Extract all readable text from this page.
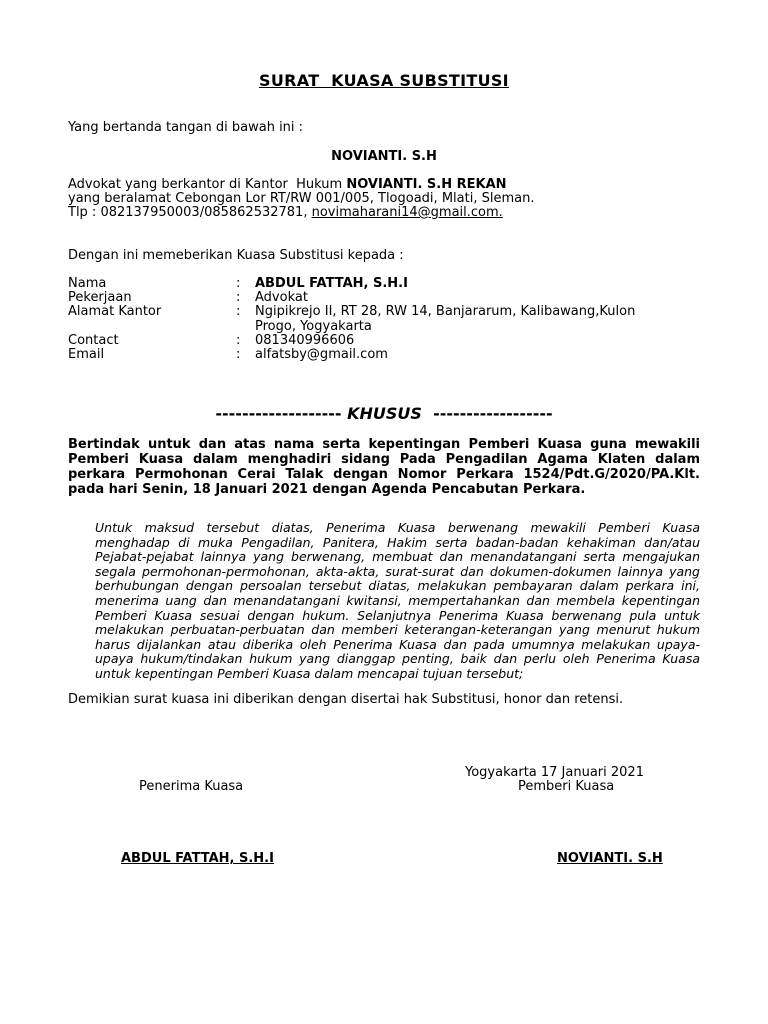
SURAT  KUASA SUBSTITUSI
Yang bertanda tangan di bawah ini :
NOVIANTI. S.H
Advokat yang berkantor di Kantor  Hukum NOVIANTI. S.H REKAN
yang beralamat Cebongan Lor RT/RW 001/005, Tlogoadi, Mlati, Sleman.
Tlp : 082137950003/085862532781, novimaharani14@gmail.com.
Dengan ini memeberikan Kuasa Substitusi kepada :
Nama	: ABDUL FATTAH, S.H.I
Pekerjaan	: Advokat
Alamat Kantor	: Ngipikrejo II, RT 28, RW 14, Banjararum, Kalibawang,Kulon
Progo, Yogyakarta
Contact	: 081340996606
Email	: alfatsby@gmail.com
------------------- KHUSUS  ------------------
Bertindak untuk dan atas nama serta kepentingan Pemberi Kuasa guna mewakili Pemberi Kuasa dalam menghadiri sidang Pada Pengadilan Agama Klaten dalam perkara Permohonan Cerai Talak dengan Nomor Perkara 1524/Pdt.G/2020/PA.Klt. pada hari Senin, 18 Januari 2021 dengan Agenda Pencabutan Perkara.
Untuk maksud tersebut diatas, Penerima Kuasa berwenang mewakili Pemberi Kuasa menghadap di muka Pengadilan, Panitera, Hakim serta badan-badan kehakiman dan/atau Pejabat-pejabat lainnya yang berwenang, membuat dan menandatangani serta mengajukan segala permohonan-permohonan, akta-akta, surat-surat dan dokumen-dokumen lainnya yang berhubungan dengan persoalan tersebut diatas, melakukan pembayaran dalam perkara ini, menerima uang dan menandatangani kwitansi, mempertahankan dan membela kepentingan Pemberi Kuasa sesuai dengan hukum. Selanjutnya Penerima Kuasa berwenang pula untuk melakukan perbuatan-perbuatan dan memberi keterangan-keterangan yang menurut hukum harus dijalankan atau diberika oleh Penerima Kuasa dan pada umumnya melakukan upaya-upaya hukum/tindakan hukum yang dianggap penting, baik dan perlu oleh Penerima Kuasa untuk kepentingan Pemberi Kuasa dalam mencapai tujuan tersebut;
Demikian surat kuasa ini diberikan dengan disertai hak Substitusi, honor dan retensi.
Yogyakarta 17 Januari 2021
Penerima Kuasa	Pemberi Kuasa
ABDUL FATTAH, S.H.I	NOVIANTI. S.H
